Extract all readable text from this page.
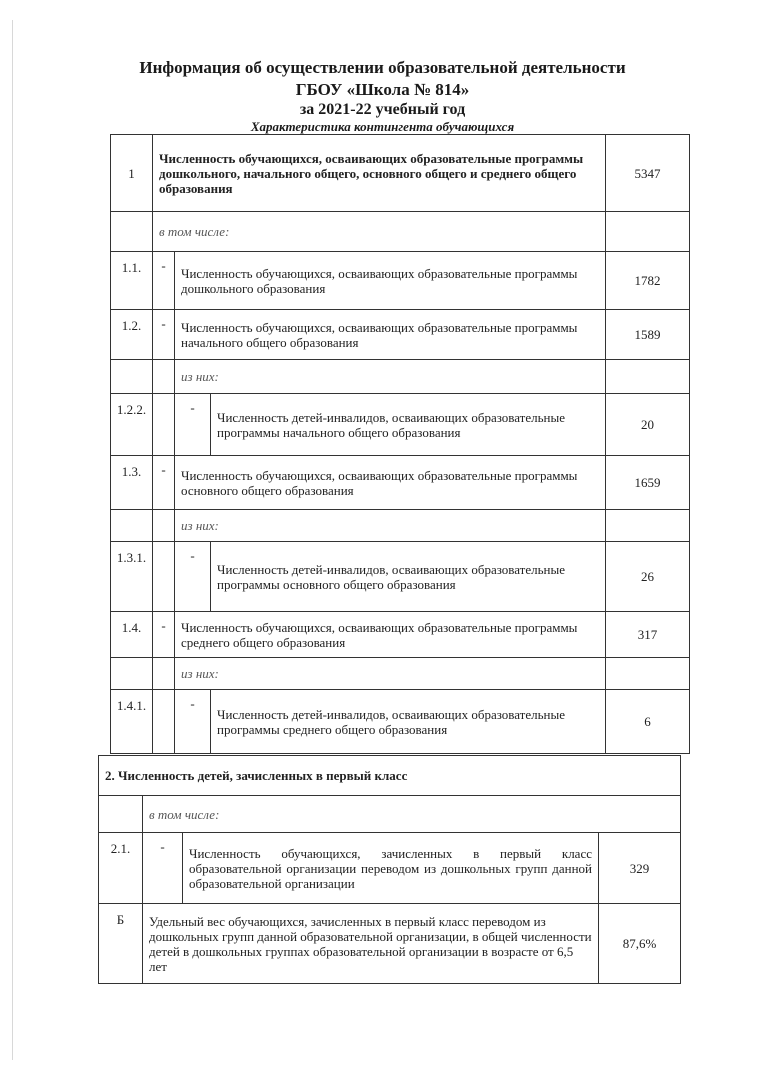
Информация об осуществлении образовательной деятельности
ГБОУ «Школа № 814»
за 2021-22 учебный год
Характеристика контингента обучающихся
1	Численность обучающихся, осваивающих образовательные программы дошкольного, начального общего, основного общего и среднего общего образования			5347
	в том числе:			
1.1.	-	Численность обучающихся, осваивающих образовательные программы дошкольного образования		1782
1.2.	-	Численность обучающихся, осваивающих образовательные программы начального общего образования		1589
		из них:		
1.2.2.		-	Численность детей-инвалидов, осваивающих образовательные программы начального общего образования	20
1.3.	-	Численность обучающихся, осваивающих образовательные программы основного общего образования		1659
		из них:		
1.3.1.		-	Численность детей-инвалидов, осваивающих образовательные программы основного общего образования	26
1.4.	-	Численность обучающихся, осваивающих образовательные программы среднего общего образования		317
		из них:		
1.4.1.		-	Численность детей-инвалидов, осваивающих образовательные программы среднего общего образования	6
2. Численность детей, зачисленных в первый класс			
	в том числе:		
2.1.	-	Численность обучающихся, зачисленных в первый класс образовательной организации переводом из дошкольных групп данной образовательной организации	329
Б	Удельный вес обучающихся, зачисленных в первый класс переводом из дошкольных групп данной образовательной организации, в общей численности детей в дошкольных группах образовательной организации в возрасте от 6,5 лет		87,6%
